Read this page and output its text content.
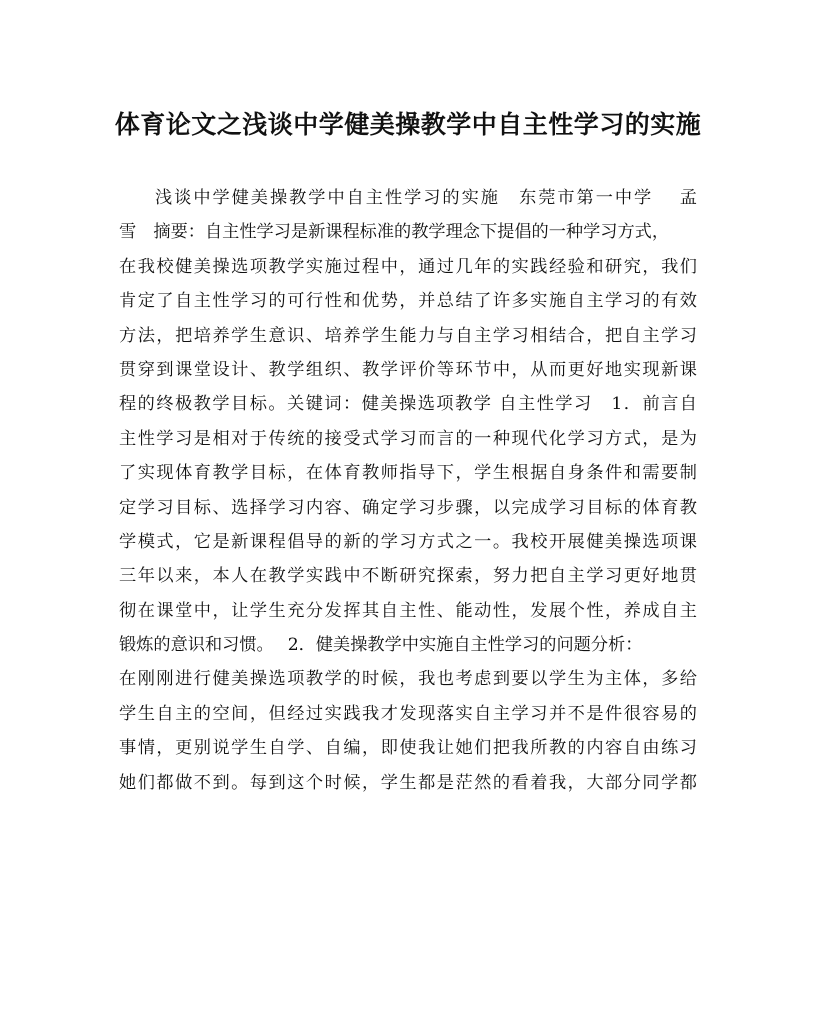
体育论文之浅谈中学健美操教学中自主性学习的实施
浅谈中学健美操教学中自主性学习的实施　东莞市第一中学　 孟
雪　摘要：自主性学习是新课程标准的教学理念下提倡的一种学习方式，
在我校健美操选项教学实施过程中，通过几年的实践经验和研究，我们
肯定了自主性学习的可行性和优势，并总结了许多实施自主学习的有效
方法，把培养学生意识、培养学生能力与自主学习相结合，把自主学习
贯穿到课堂设计、教学组织、教学评价等环节中，从而更好地实现新课
程的终极教学目标。关键词：健美操选项教学 自主性学习　1．前言自
主性学习是相对于传统的接受式学习而言的一种现代化学习方式，是为
了实现体育教学目标，在体育教师指导下，学生根据自身条件和需要制
定学习目标、选择学习内容、确定学习步骤，以完成学习目标的体育教
学模式，它是新课程倡导的新的学习方式之一。我校开展健美操选项课
三年以来，本人在教学实践中不断研究探索，努力把自主学习更好地贯
彻在课堂中，让学生充分发挥其自主性、能动性，发展个性，养成自主
锻炼的意识和习惯。　 2．健美操教学中实施自主性学习的问题分析：
在刚刚进行健美操选项教学的时候，我也考虑到要以学生为主体，多给
学生自主的空间，但经过实践我才发现落实自主学习并不是件很容易的
事情，更别说学生自学、自编，即使我让她们把我所教的内容自由练习
她们都做不到。每到这个时候，学生都是茫然的看着我，大部分同学都
